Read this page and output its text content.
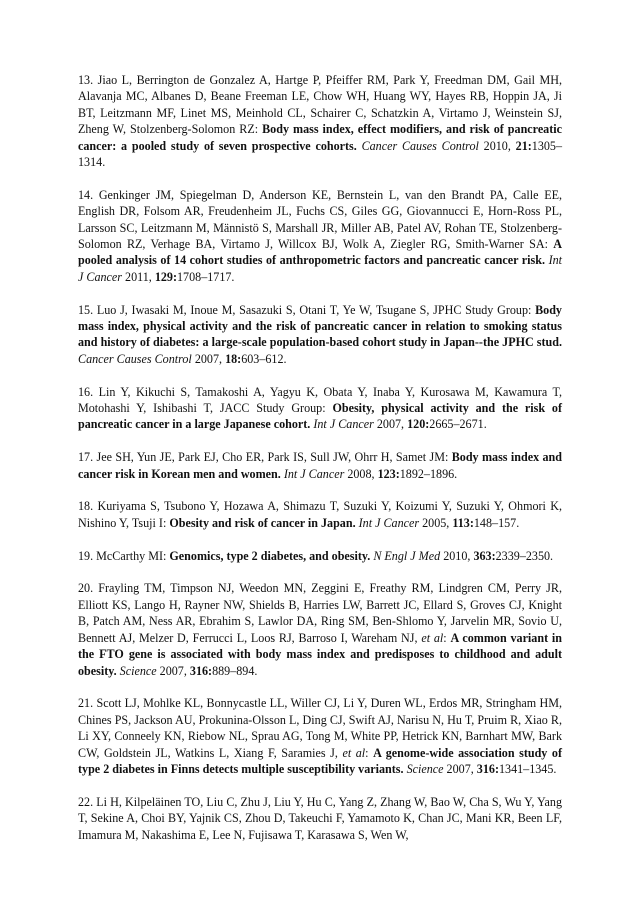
13. Jiao L, Berrington de Gonzalez A, Hartge P, Pfeiffer RM, Park Y, Freedman DM, Gail MH, Alavanja MC, Albanes D, Beane Freeman LE, Chow WH, Huang WY, Hayes RB, Hoppin JA, Ji BT, Leitzmann MF, Linet MS, Meinhold CL, Schairer C, Schatzkin A, Virtamo J, Weinstein SJ, Zheng W, Stolzenberg-Solomon RZ: Body mass index, effect modifiers, and risk of pancreatic cancer: a pooled study of seven prospective cohorts. Cancer Causes Control 2010, 21:1305–1314.

14. Genkinger JM, Spiegelman D, Anderson KE, Bernstein L, van den Brandt PA, Calle EE, English DR, Folsom AR, Freudenheim JL, Fuchs CS, Giles GG, Giovannucci E, Horn-Ross PL, Larsson SC, Leitzmann M, Männistö S, Marshall JR, Miller AB, Patel AV, Rohan TE, Stolzenberg-Solomon RZ, Verhage BA, Virtamo J, Willcox BJ, Wolk A, Ziegler RG, Smith-Warner SA: A pooled analysis of 14 cohort studies of anthropometric factors and pancreatic cancer risk. Int J Cancer 2011, 129:1708–1717.

15. Luo J, Iwasaki M, Inoue M, Sasazuki S, Otani T, Ye W, Tsugane S, JPHC Study Group: Body mass index, physical activity and the risk of pancreatic cancer in relation to smoking status and history of diabetes: a large-scale population-based cohort study in Japan--the JPHC stud. Cancer Causes Control 2007, 18:603–612.

16. Lin Y, Kikuchi S, Tamakoshi A, Yagyu K, Obata Y, Inaba Y, Kurosawa M, Kawamura T, Motohashi Y, Ishibashi T, JACC Study Group: Obesity, physical activity and the risk of pancreatic cancer in a large Japanese cohort. Int J Cancer 2007, 120:2665–2671.

17. Jee SH, Yun JE, Park EJ, Cho ER, Park IS, Sull JW, Ohrr H, Samet JM: Body mass index and cancer risk in Korean men and women. Int J Cancer 2008, 123:1892–1896.

18. Kuriyama S, Tsubono Y, Hozawa A, Shimazu T, Suzuki Y, Koizumi Y, Suzuki Y, Ohmori K, Nishino Y, Tsuji I: Obesity and risk of cancer in Japan. Int J Cancer 2005, 113:148–157.

19. McCarthy MI: Genomics, type 2 diabetes, and obesity. N Engl J Med 2010, 363:2339–2350.

20. Frayling TM, Timpson NJ, Weedon MN, Zeggini E, Freathy RM, Lindgren CM, Perry JR, Elliott KS, Lango H, Rayner NW, Shields B, Harries LW, Barrett JC, Ellard S, Groves CJ, Knight B, Patch AM, Ness AR, Ebrahim S, Lawlor DA, Ring SM, Ben-Shlomo Y, Jarvelin MR, Sovio U, Bennett AJ, Melzer D, Ferrucci L, Loos RJ, Barroso I, Wareham NJ, et al: A common variant in the FTO gene is associated with body mass index and predisposes to childhood and adult obesity. Science 2007, 316:889–894.

21. Scott LJ, Mohlke KL, Bonnycastle LL, Willer CJ, Li Y, Duren WL, Erdos MR, Stringham HM, Chines PS, Jackson AU, Prokunina-Olsson L, Ding CJ, Swift AJ, Narisu N, Hu T, Pruim R, Xiao R, Li XY, Conneely KN, Riebow NL, Sprau AG, Tong M, White PP, Hetrick KN, Barnhart MW, Bark CW, Goldstein JL, Watkins L, Xiang F, Saramies J, et al: A genome-wide association study of type 2 diabetes in Finns detects multiple susceptibility variants. Science 2007, 316:1341–1345.

22. Li H, Kilpeläinen TO, Liu C, Zhu J, Liu Y, Hu C, Yang Z, Zhang W, Bao W, Cha S, Wu Y, Yang T, Sekine A, Choi BY, Yajnik CS, Zhou D, Takeuchi F, Yamamoto K, Chan JC, Mani KR, Been LF, Imamura M, Nakashima E, Lee N, Fujisawa T, Karasawa S, Wen W,
